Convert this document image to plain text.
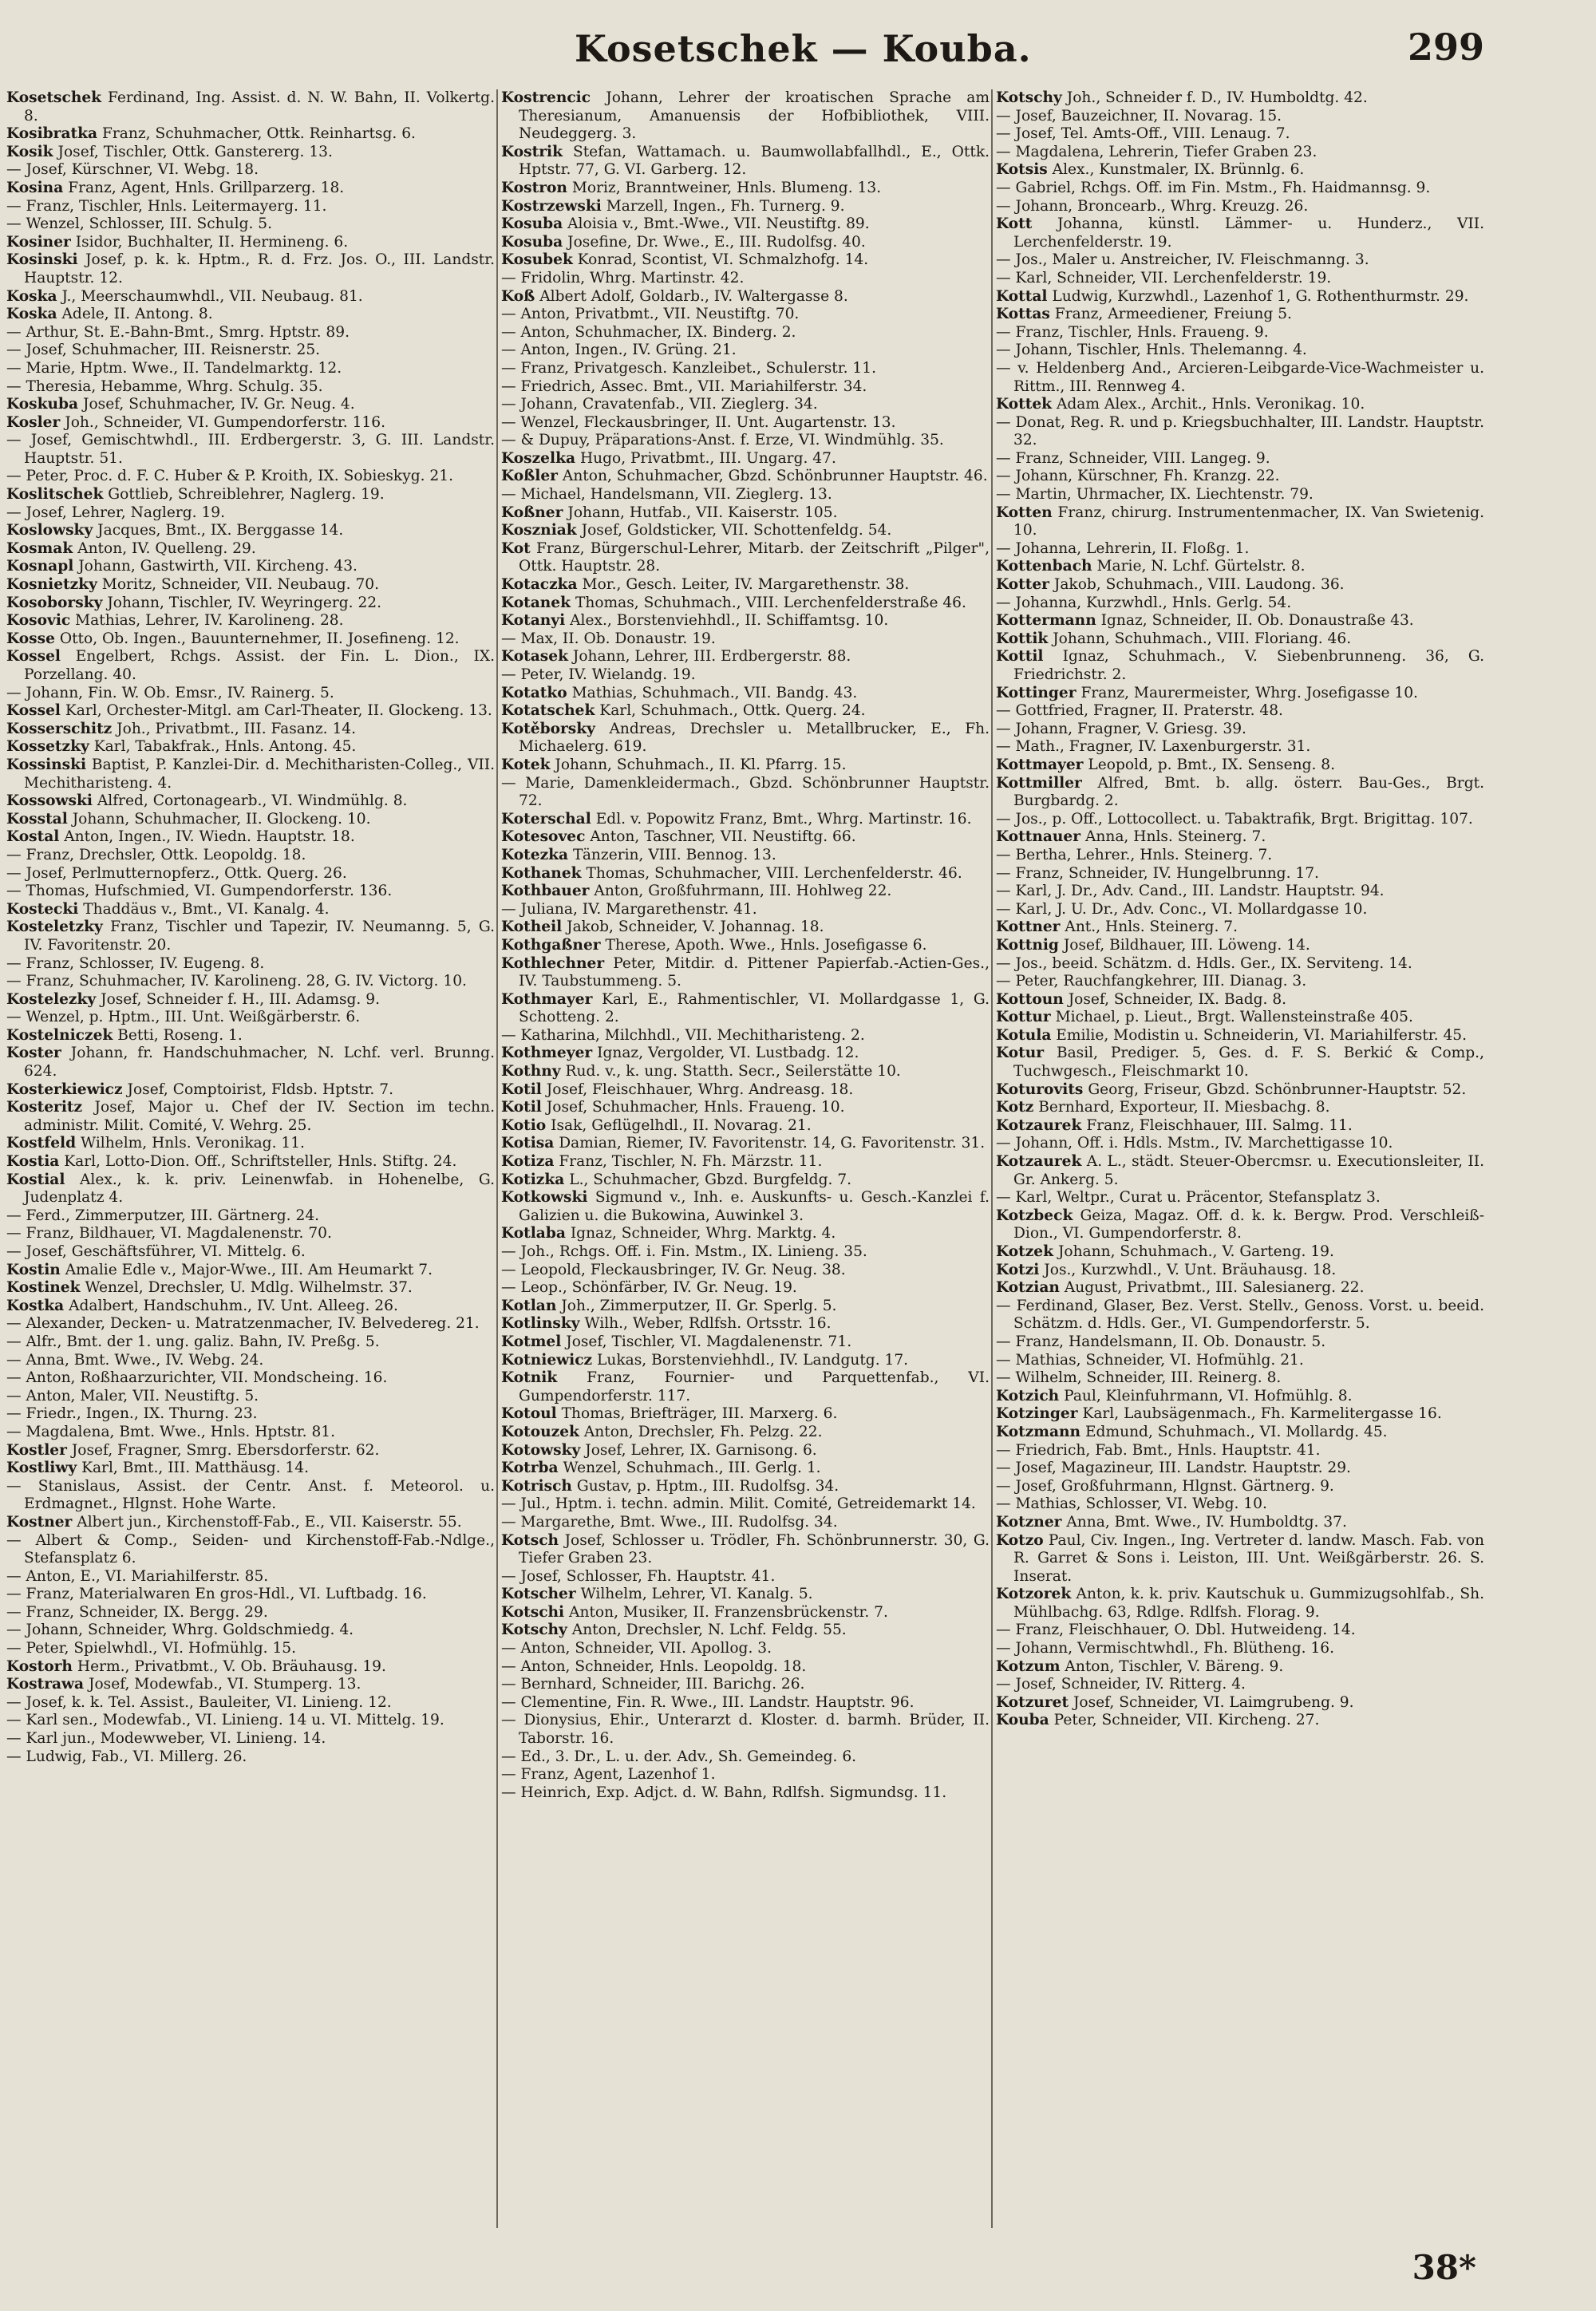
Kosetschek — Kouba.	299

Kosetschek Ferdinand, Ing. Assist. d. N. W. Bahn, II. Volkertg. 8.

Kosibratka Franz, Schuhmacher, Ottk. Reinhartsg. 6.

Kosik Josef, Tischler, Ottk. Ganstererg. 13.

— Josef, Kürschner, VI. Webg. 18.

Kosina Franz, Agent, Hnls. Grillparzerg. 18.

— Franz, Tischler, Hnls. Leitermayerg. 11.

— Wenzel, Schlosser, III. Schulg. 5.

Kosiner Isidor, Buchhalter, II. Hermineng. 6.

Kosinski Josef, p. k. k. Hptm., R. d. Frz. Jos. O., III. Landstr. Hauptstr. 12.

Koska J., Meerschaumwhdl., VII. Neubaug. 81.

Koska Adele, II. Antong. 8.

— Arthur, St. E.-Bahn-Bmt., Smrg. Hptstr. 89.

— Josef, Schuhmacher, III. Reisnerstr. 25.

— Marie, Hptm. Wwe., II. Tandelmarktg. 12.

— Theresia, Hebamme, Whrg. Schulg. 35.

Koskuba Josef, Schuhmacher, IV. Gr. Neug. 4.

Kosler Joh., Schneider, VI. Gumpendorferstr. 116.

— Josef, Gemischtwhdl., III. Erdbergerstr. 3, G. III. Landstr. Hauptstr. 51.

— Peter, Proc. d. F. C. Huber & P. Kroith, IX. Sobieskyg. 21.

Koslitschek Gottlieb, Schreiblehrer, Naglerg. 19.

— Josef, Lehrer, Naglerg. 19.

Koslowsky Jacques, Bmt., IX. Berggasse 14.

Kosmak Anton, IV. Quelleng. 29.

Kosnapl Johann, Gastwirth, VII. Kircheng. 43.

Kosnietzky Moritz, Schneider, VII. Neubaug. 70.

Kosoborsky Johann, Tischler, IV. Weyringerg. 22.

Kosovic Mathias, Lehrer, IV. Karolineng. 28.

Kosse Otto, Ob. Ingen., Bauunternehmer, II. Josefineng. 12.

Kossel Engelbert, Rchgs. Assist. der Fin. L. Dion., IX. Porzellang. 40.

— Johann, Fin. W. Ob. Emsr., IV. Rainerg. 5.

Kossel Karl, Orchester-Mitgl. am Carl-Theater, II. Glockeng. 13.

Kosserschitz Joh., Privatbmt., III. Fasanz. 14.

Kossetzky Karl, Tabakfrak., Hnls. Antong. 45.

Kossinski Baptist, P. Kanzlei-Dir. d. Mechitharisten-Colleg., VII. Mechitharisteng. 4.

Kossowski Alfred, Cortonagearb., VI. Windmühlg. 8.

Kosstal Johann, Schuhmacher, II. Glockeng. 10.

Kostal Anton, Ingen., IV. Wiedn. Hauptstr. 18.

— Franz, Drechsler, Ottk. Leopoldg. 18.

— Josef, Perlmutternopferz., Ottk. Querg. 26.

— Thomas, Hufschmied, VI. Gumpendorferstr. 136.

Kostecki Thaddäus v., Bmt., VI. Kanalg. 4.

Kosteletzky Franz, Tischler und Tapezir, IV. Neumanng. 5, G. IV. Favoritenstr. 20.

— Franz, Schlosser, IV. Eugeng. 8.

— Franz, Schuhmacher, IV. Karolineng. 28, G. IV. Victorg. 10.

Kostelezky Josef, Schneider f. H., III. Adamsg. 9.

— Wenzel, p. Hptm., III. Unt. Weißgärberstr. 6.

Kostelniczek Betti, Roseng. 1.

Koster Johann, fr. Handschuhmacher, N. Lchf. verl. Brunng. 624.

Kosterkiewicz Josef, Comptoirist, Fldsb. Hptstr. 7.

Kosteritz Josef, Major u. Chef der IV. Section im techn. administr. Milit. Comité, V. Wehrg. 25.

Kostfeld Wilhelm, Hnls. Veronikag. 11.

Kostia Karl, Lotto-Dion. Off., Schriftsteller, Hnls. Stiftg. 24.

Kostial Alex., k. k. priv. Leinenwfab. in Hohenelbe, G. Judenplatz 4.

— Ferd., Zimmerputzer, III. Gärtnerg. 24.

— Franz, Bildhauer, VI. Magdalenenstr. 70.

— Josef, Geschäftsführer, VI. Mittelg. 6.

Kostin Amalie Edle v., Major-Wwe., III. Am Heumarkt 7.

Kostinek Wenzel, Drechsler, U. Mdlg. Wilhelmstr. 37.

Kostka Adalbert, Handschuhm., IV. Unt. Alleeg. 26.

— Alexander, Decken- u. Matratzenmacher, IV. Belvedereg. 21.

— Alfr., Bmt. der 1. ung. galiz. Bahn, IV. Preßg. 5.

— Anna, Bmt. Wwe., IV. Webg. 24.

— Anton, Roßhaarzurichter, VII. Mondscheing. 16.

— Anton, Maler, VII. Neustiftg. 5.

— Friedr., Ingen., IX. Thurng. 23.

— Magdalena, Bmt. Wwe., Hnls. Hptstr. 81.

Kostler Josef, Fragner, Smrg. Ebersdorferstr. 62.

Kostliwy Karl, Bmt., III. Matthäusg. 14.

— Stanislaus, Assist. der Centr. Anst. f. Meteorol. u. Erdmagnet., Hlgnst. Hohe Warte.

Kostner Albert jun., Kirchenstoff-Fab., E., VII. Kaiserstr. 55.

— Albert & Comp., Seiden- und Kirchenstoff-Fab.-Ndlge., Stefansplatz 6.

— Anton, E., VI. Mariahilferstr. 85.

— Franz, Materialwaren En gros-Hdl., VI. Luftbadg. 16.

— Franz, Schneider, IX. Bergg. 29.

— Johann, Schneider, Whrg. Goldschmiedg. 4.

— Peter, Spielwhdl., VI. Hofmühlg. 15.

Kostorh Herm., Privatbmt., V. Ob. Bräuhausg. 19.

Kostrawa Josef, Modewfab., VI. Stumperg. 13.

— Josef, k. k. Tel. Assist., Bauleiter, VI. Linieng. 12.

— Karl sen., Modewfab., VI. Linieng. 14 u. VI. Mittelg. 19.

— Karl jun., Modewweber, VI. Linieng. 14.

— Ludwig, Fab., VI. Millerg. 26.

Kostrencic Johann, Lehrer der kroatischen Sprache am Theresianum, Amanuensis der Hofbibliothek, VIII. Neudeggerg. 3.

Kostrik Stefan, Wattamach. u. Baumwollabfallhdl., E., Ottk. Hptstr. 77, G. VI. Garberg. 12.

Kostron Moriz, Branntweiner, Hnls. Blumeng. 13.

Kostrzewski Marzell, Ingen., Fh. Turnerg. 9.

Kosuba Aloisia v., Bmt.-Wwe., VII. Neustiftg. 89.

Kosuba Josefine, Dr. Wwe., E., III. Rudolfsg. 40.

Kosubek Konrad, Scontist, VI. Schmalzhofg. 14.

— Fridolin, Whrg. Martinstr. 42.

Koß Albert Adolf, Goldarb., IV. Waltergasse 8.

— Anton, Privatbmt., VII. Neustiftg. 70.

— Anton, Schuhmacher, IX. Binderg. 2.

— Anton, Ingen., IV. Grüng. 21.

— Franz, Privatgesch. Kanzleibet., Schulerstr. 11.

— Friedrich, Assec. Bmt., VII. Mariahilferstr. 34.

— Johann, Cravatenfab., VII. Zieglerg. 34.

— Wenzel, Fleckausbringer, II. Unt. Augartenstr. 13.

— & Dupuy, Präparations-Anst. f. Erze, VI. Windmühlg. 35.

Koszelka Hugo, Privatbmt., III. Ungarg. 47.

Koßler Anton, Schuhmacher, Gbzd. Schönbrunner Hauptstr. 46.

— Michael, Handelsmann, VII. Zieglerg. 13.

Koßner Johann, Hutfab., VII. Kaiserstr. 105.

Koszniak Josef, Goldsticker, VII. Schottenfeldg. 54.

Kot Franz, Bürgerschul-Lehrer, Mitarb. der Zeitschrift „Pilger", Ottk. Hauptstr. 28.

Kotaczka Mor., Gesch. Leiter, IV. Margarethenstr. 38.

Kotanek Thomas, Schuhmach., VIII. Lerchenfelderstraße 46.

Kotanyi Alex., Borstenviehhdl., II. Schiffamtsg. 10.

— Max, II. Ob. Donaustr. 19.

Kotasek Johann, Lehrer, III. Erdbergerstr. 88.

— Peter, IV. Wielandg. 19.

Kotatko Mathias, Schuhmach., VII. Bandg. 43.

Kotatschek Karl, Schuhmach., Ottk. Querg. 24.

Kotěborsky Andreas, Drechsler u. Metallbrucker, E., Fh. Michaelerg. 619.

Kotek Johann, Schuhmach., II. Kl. Pfarrg. 15.

— Marie, Damenkleidermach., Gbzd. Schönbrunner Hauptstr. 72.

Koterschal Edl. v. Popowitz Franz, Bmt., Whrg. Martinstr. 16.

Kotesovec Anton, Taschner, VII. Neustiftg. 66.

Kotezka Tänzerin, VIII. Bennog. 13.

Kothanek Thomas, Schuhmacher, VIII. Lerchenfelderstr. 46.

Kothbauer Anton, Großfuhrmann, III. Hohlweg 22.

— Juliana, IV. Margarethenstr. 41.

Kotheil Jakob, Schneider, V. Johannag. 18.

Kothgaßner Therese, Apoth. Wwe., Hnls. Josefigasse 6.

Kothlechner Peter, Mitdir. d. Pittener Papierfab.-Actien-Ges., IV. Taubstummeng. 5.

Kothmayer Karl, E., Rahmentischler, VI. Mollardgasse 1, G. Schotteng. 2.

— Katharina, Milchhdl., VII. Mechitharisteng. 2.

Kothmeyer Ignaz, Vergolder, VI. Lustbadg. 12.

Kothny Rud. v., k. ung. Statth. Secr., Seilerstätte 10.

Kotil Josef, Fleischhauer, Whrg. Andreasg. 18.

Kotil Josef, Schuhmacher, Hnls. Fraueng. 10.

Kotio Isak, Geflügelhdl., II. Novarag. 21.

Kotisa Damian, Riemer, IV. Favoritenstr. 14, G. Favoritenstr. 31.

Kotiza Franz, Tischler, N. Fh. Märzstr. 11.

Kotizka L., Schuhmacher, Gbzd. Burgfeldg. 7.

Kotkowski Sigmund v., Inh. e. Auskunfts- u. Gesch.-Kanzlei f. Galizien u. die Bukowina, Auwinkel 3.

Kotlaba Ignaz, Schneider, Whrg. Marktg. 4.

— Joh., Rchgs. Off. i. Fin. Mstm., IX. Linieng. 35.

— Leopold, Fleckausbringer, IV. Gr. Neug. 38.

— Leop., Schönfärber, IV. Gr. Neug. 19.

Kotlan Joh., Zimmerputzer, II. Gr. Sperlg. 5.

Kotlinsky Wilh., Weber, Rdlfsh. Ortsstr. 16.

Kotmel Josef, Tischler, VI. Magdalenenstr. 71.

Kotniewicz Lukas, Borstenviehhdl., IV. Landgutg. 17.

Kotnik Franz, Fournier- und Parquettenfab., VI. Gumpendorferstr. 117.

Kotoul Thomas, Briefträger, III. Marxerg. 6.

Kotouzek Anton, Drechsler, Fh. Pelzg. 22.

Kotowsky Josef, Lehrer, IX. Garnisong. 6.

Kotrba Wenzel, Schuhmach., III. Gerlg. 1.

Kotrisch Gustav, p. Hptm., III. Rudolfsg. 34.

— Jul., Hptm. i. techn. admin. Milit. Comité, Getreidemarkt 14.

— Margarethe, Bmt. Wwe., III. Rudolfsg. 34.

Kotsch Josef, Schlosser u. Trödler, Fh. Schönbrunnerstr. 30, G. Tiefer Graben 23.

— Josef, Schlosser, Fh. Hauptstr. 41.

Kotscher Wilhelm, Lehrer, VI. Kanalg. 5.

Kotschi Anton, Musiker, II. Franzensbrückenstr. 7.

Kotschy Anton, Drechsler, N. Lchf. Feldg. 55.

— Anton, Schneider, VII. Apollog. 3.

— Anton, Schneider, Hnls. Leopoldg. 18.

— Bernhard, Schneider, III. Barichg. 26.

— Clementine, Fin. R. Wwe., III. Landstr. Hauptstr. 96.

— Dionysius, Ehir., Unterarzt d. Kloster. d. barmh. Brüder, II. Taborstr. 16.

— Ed., 3. Dr., L. u. der. Adv., Sh. Gemeindeg. 6.

— Franz, Agent, Lazenhof 1.

— Heinrich, Exp. Adjct. d. W. Bahn, Rdlfsh. Sigmundsg. 11.

Kotschy Joh., Schneider f. D., IV. Humboldtg. 42.

— Josef, Bauzeichner, II. Novarag. 15.

— Josef, Tel. Amts-Off., VIII. Lenaug. 7.

— Magdalena, Lehrerin, Tiefer Graben 23.

Kotsis Alex., Kunstmaler, IX. Brünnlg. 6.

— Gabriel, Rchgs. Off. im Fin. Mstm., Fh. Haidmannsg. 9.

— Johann, Broncearb., Whrg. Kreuzg. 26.

Kott Johanna, künstl. Lämmer- u. Hunderz., VII. Lerchenfelderstr. 19.

— Jos., Maler u. Anstreicher, IV. Fleischmanng. 3.

— Karl, Schneider, VII. Lerchenfelderstr. 19.

Kottal Ludwig, Kurzwhdl., Lazenhof 1, G. Rothenthurmstr. 29.

Kottas Franz, Armeediener, Freiung 5.

— Franz, Tischler, Hnls. Fraueng. 9.

— Johann, Tischler, Hnls. Thelemanng. 4.

— v. Heldenberg And., Arcieren-Leibgarde-Vice-Wachmeister u. Rittm., III. Rennweg 4.

Kottek Adam Alex., Archit., Hnls. Veronikag. 10.

— Donat, Reg. R. und p. Kriegsbuchhalter, III. Landstr. Hauptstr. 32.

— Franz, Schneider, VIII. Langeg. 9.

— Johann, Kürschner, Fh. Kranzg. 22.

— Martin, Uhrmacher, IX. Liechtenstr. 79.

Kotten Franz, chirurg. Instrumentenmacher, IX. Van Swietenig. 10.

— Johanna, Lehrerin, II. Floßg. 1.

Kottenbach Marie, N. Lchf. Gürtelstr. 8.

Kotter Jakob, Schuhmach., VIII. Laudong. 36.

— Johanna, Kurzwhdl., Hnls. Gerlg. 54.

Kottermann Ignaz, Schneider, II. Ob. Donaustraße 43.

Kottik Johann, Schuhmach., VIII. Floriang. 46.

Kottil Ignaz, Schuhmach., V. Siebenbrunneng. 36, G. Friedrichstr. 2.

Kottinger Franz, Maurermeister, Whrg. Josefigasse 10.

— Gottfried, Fragner, II. Praterstr. 48.

— Johann, Fragner, V. Griesg. 39.

— Math., Fragner, IV. Laxenburgerstr. 31.

Kottmayer Leopold, p. Bmt., IX. Senseng. 8.

Kottmiller Alfred, Bmt. b. allg. österr. Bau-Ges., Brgt. Burgbardg. 2.

— Jos., p. Off., Lottocollect. u. Tabaktrafik, Brgt. Brigittag. 107.

Kottnauer Anna, Hnls. Steinerg. 7.

— Bertha, Lehrer., Hnls. Steinerg. 7.

— Franz, Schneider, IV. Hungelbrunng. 17.

— Karl, J. Dr., Adv. Cand., III. Landstr. Hauptstr. 94.

— Karl, J. U. Dr., Adv. Conc., VI. Mollardgasse 10.

Kottner Ant., Hnls. Steinerg. 7.

Kottnig Josef, Bildhauer, III. Löweng. 14.

— Jos., beeid. Schätzm. d. Hdls. Ger., IX. Serviteng. 14.

— Peter, Rauchfangkehrer, III. Dianag. 3.

Kottoun Josef, Schneider, IX. Badg. 8.

Kottur Michael, p. Lieut., Brgt. Wallensteinstraße 405.

Kotula Emilie, Modistin u. Schneiderin, VI. Mariahilferstr. 45.

Kotur Basil, Prediger. 5, Ges. d. F. S. Berkić & Comp., Tuchwgesch., Fleischmarkt 10.

Koturovits Georg, Friseur, Gbzd. Schönbrunner-Hauptstr. 52.

Kotz Bernhard, Exporteur, II. Miesbachg. 8.

Kotzaurek Franz, Fleischhauer, III. Salmg. 11.

— Johann, Off. i. Hdls. Mstm., IV. Marchettigasse 10.

Kotzaurek A. L., städt. Steuer-Obercmsr. u. Executionsleiter, II. Gr. Ankerg. 5.

— Karl, Weltpr., Curat u. Präcentor, Stefansplatz 3.

Kotzbeck Geiza, Magaz. Off. d. k. k. Bergw. Prod. Verschleiß-Dion., VI. Gumpendorferstr. 8.

Kotzek Johann, Schuhmach., V. Garteng. 19.

Kotzi Jos., Kurzwhdl., V. Unt. Bräuhausg. 18.

Kotzian August, Privatbmt., III. Salesianerg. 22.

— Ferdinand, Glaser, Bez. Verst. Stellv., Genoss. Vorst. u. beeid. Schätzm. d. Hdls. Ger., VI. Gumpendorferstr. 5.

— Franz, Handelsmann, II. Ob. Donaustr. 5.

— Mathias, Schneider, VI. Hofmühlg. 21.

— Wilhelm, Schneider, III. Reinerg. 8.

Kotzich Paul, Kleinfuhrmann, VI. Hofmühlg. 8.

Kotzinger Karl, Laubsägenmach., Fh. Karmelitergasse 16.

Kotzmann Edmund, Schuhmach., VI. Mollardg. 45.

— Friedrich, Fab. Bmt., Hnls. Hauptstr. 41.

— Josef, Magazineur, III. Landstr. Hauptstr. 29.

— Josef, Großfuhrmann, Hlgnst. Gärtnerg. 9.

— Mathias, Schlosser, VI. Webg. 10.

Kotzner Anna, Bmt. Wwe., IV. Humboldtg. 37.

Kotzo Paul, Civ. Ingen., Ing. Vertreter d. landw. Masch. Fab. von R. Garret & Sons i. Leiston, III. Unt. Weißgärberstr. 26. S. Inserat.

Kotzorek Anton, k. k. priv. Kautschuk u. Gummizugsohlfab., Sh. Mühlbachg. 63, Rdlge. Rdlfsh. Florag. 9.

— Franz, Fleischhauer, O. Dbl. Hutweideng. 14.

— Johann, Vermischtwhdl., Fh. Blütheng. 16.

Kotzum Anton, Tischler, V. Bäreng. 9.

— Josef, Schneider, IV. Ritterg. 4.

Kotzuret Josef, Schneider, VI. Laimgrubeng. 9.

Kouba Peter, Schneider, VII. Kircheng. 27.

38*
